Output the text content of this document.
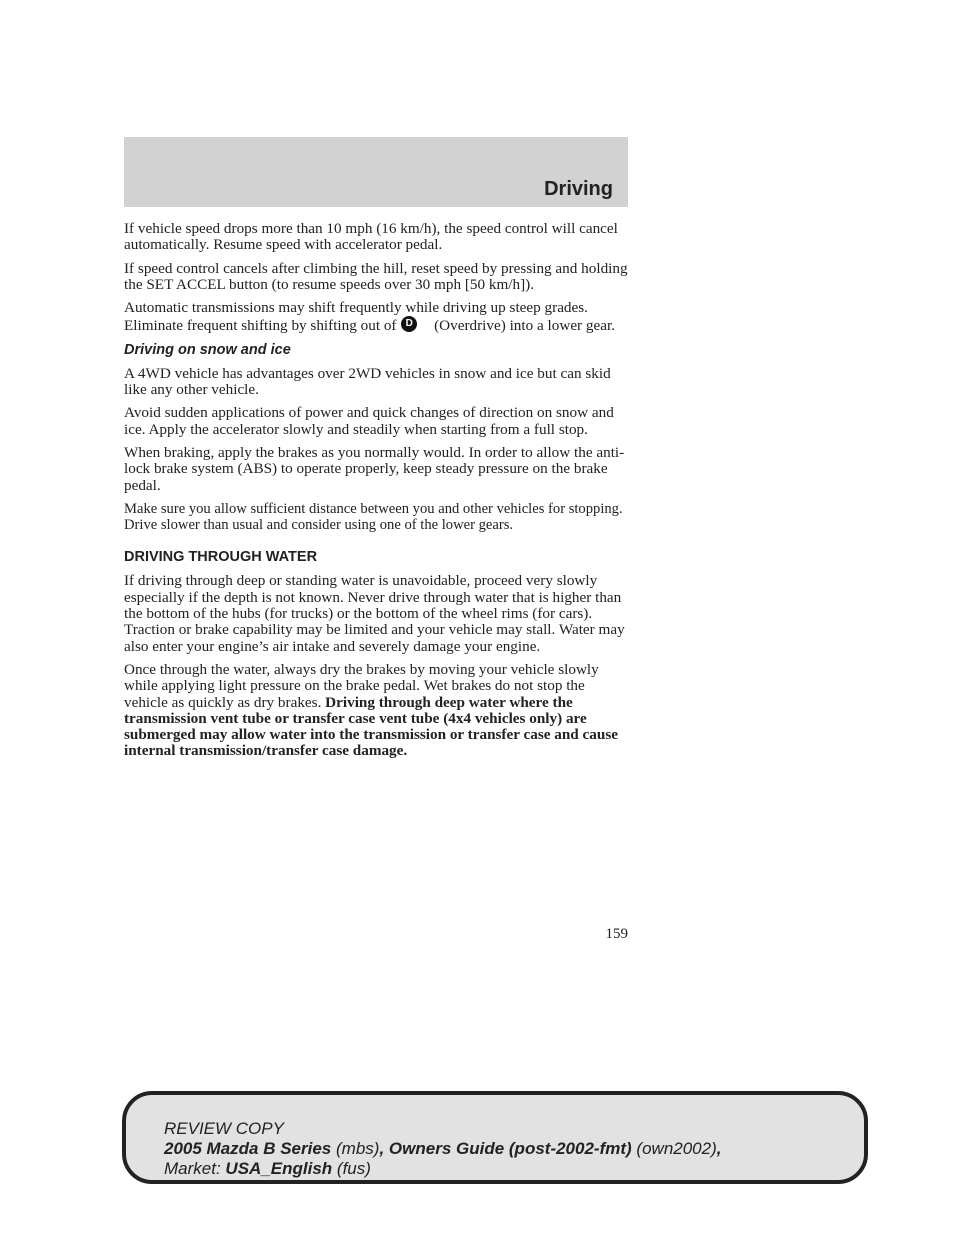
Driving

If vehicle speed drops more than 10 mph (16 km/h), the speed control will cancel automatically. Resume speed with accelerator pedal.

If speed control cancels after climbing the hill, reset speed by pressing and holding the SET ACCEL button (to resume speeds over 30 mph [50 km/h]).

Automatic transmissions may shift frequently while driving up steep grades. Eliminate frequent shifting by shifting out of D (Overdrive) into a lower gear.

Driving on snow and ice

A 4WD vehicle has advantages over 2WD vehicles in snow and ice but can skid like any other vehicle.

Avoid sudden applications of power and quick changes of direction on snow and ice. Apply the accelerator slowly and steadily when starting from a full stop.

When braking, apply the brakes as you normally would. In order to allow the anti-lock brake system (ABS) to operate properly, keep steady pressure on the brake pedal.

Make sure you allow sufficient distance between you and other vehicles for stopping. Drive slower than usual and consider using one of the lower gears.

DRIVING THROUGH WATER

If driving through deep or standing water is unavoidable, proceed very slowly especially if the depth is not known. Never drive through water that is higher than the bottom of the hubs (for trucks) or the bottom of the wheel rims (for cars). Traction or brake capability may be limited and your vehicle may stall. Water may also enter your engine’s air intake and severely damage your engine.

Once through the water, always dry the brakes by moving your vehicle slowly while applying light pressure on the brake pedal. Wet brakes do not stop the vehicle as quickly as dry brakes. Driving through deep water where the transmission vent tube or transfer case vent tube (4x4 vehicles only) are submerged may allow water into the transmission or transfer case and cause internal transmission/transfer case damage.

159
REVIEW COPY
2005 Mazda B Series (mbs), Owners Guide (post-2002-fmt) (own2002),
Market: USA_English (fus)
